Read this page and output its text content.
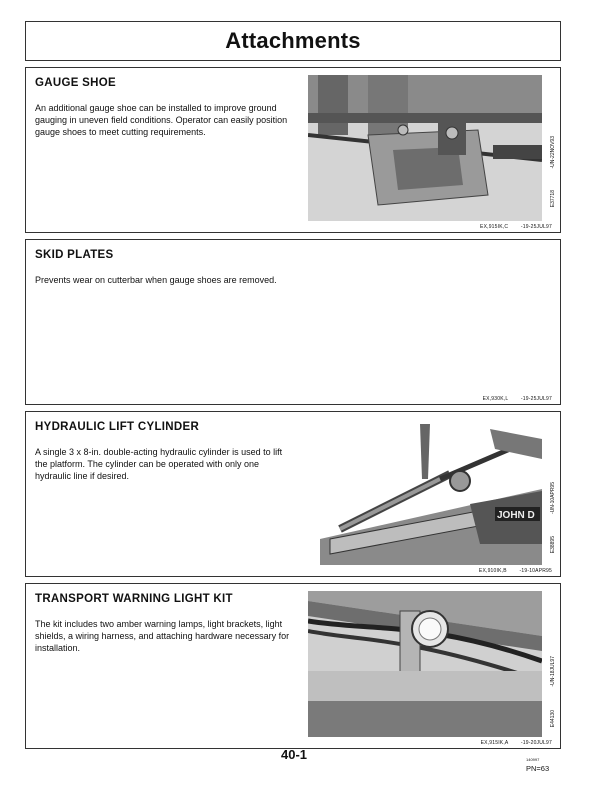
Attachments
GAUGE SHOE

An additional gauge shoe can be installed to improve ground gauging in uneven field conditions. Operator can easily position gauge shoes to meet cutting requirements.

-UN-22NOV93
E37718
EX,915IK,C	-19-25JUL97
SKID PLATES

Prevents wear on cutterbar when gauge shoes are removed.

EX,930K,L	-19-25JUL97
HYDRAULIC LIFT CYLINDER

A single 3 x 8-in. double-acting hydraulic cylinder is used to lift the platform. The cylinder can be operated with only one hydraulic line if desired.

JOHN D
-UN-10APR95
E38895
EX,910IK,B	-19-10APR95
TRANSPORT WARNING LIGHT KIT

The kit includes two amber warning lamps, light brackets, light shields, a wiring harness, and attaching hardware necessary for installation.

-UN-18JUL97
E44130
EX,915IK,A	-19-20JUL97
40-1	140997
PN=63
